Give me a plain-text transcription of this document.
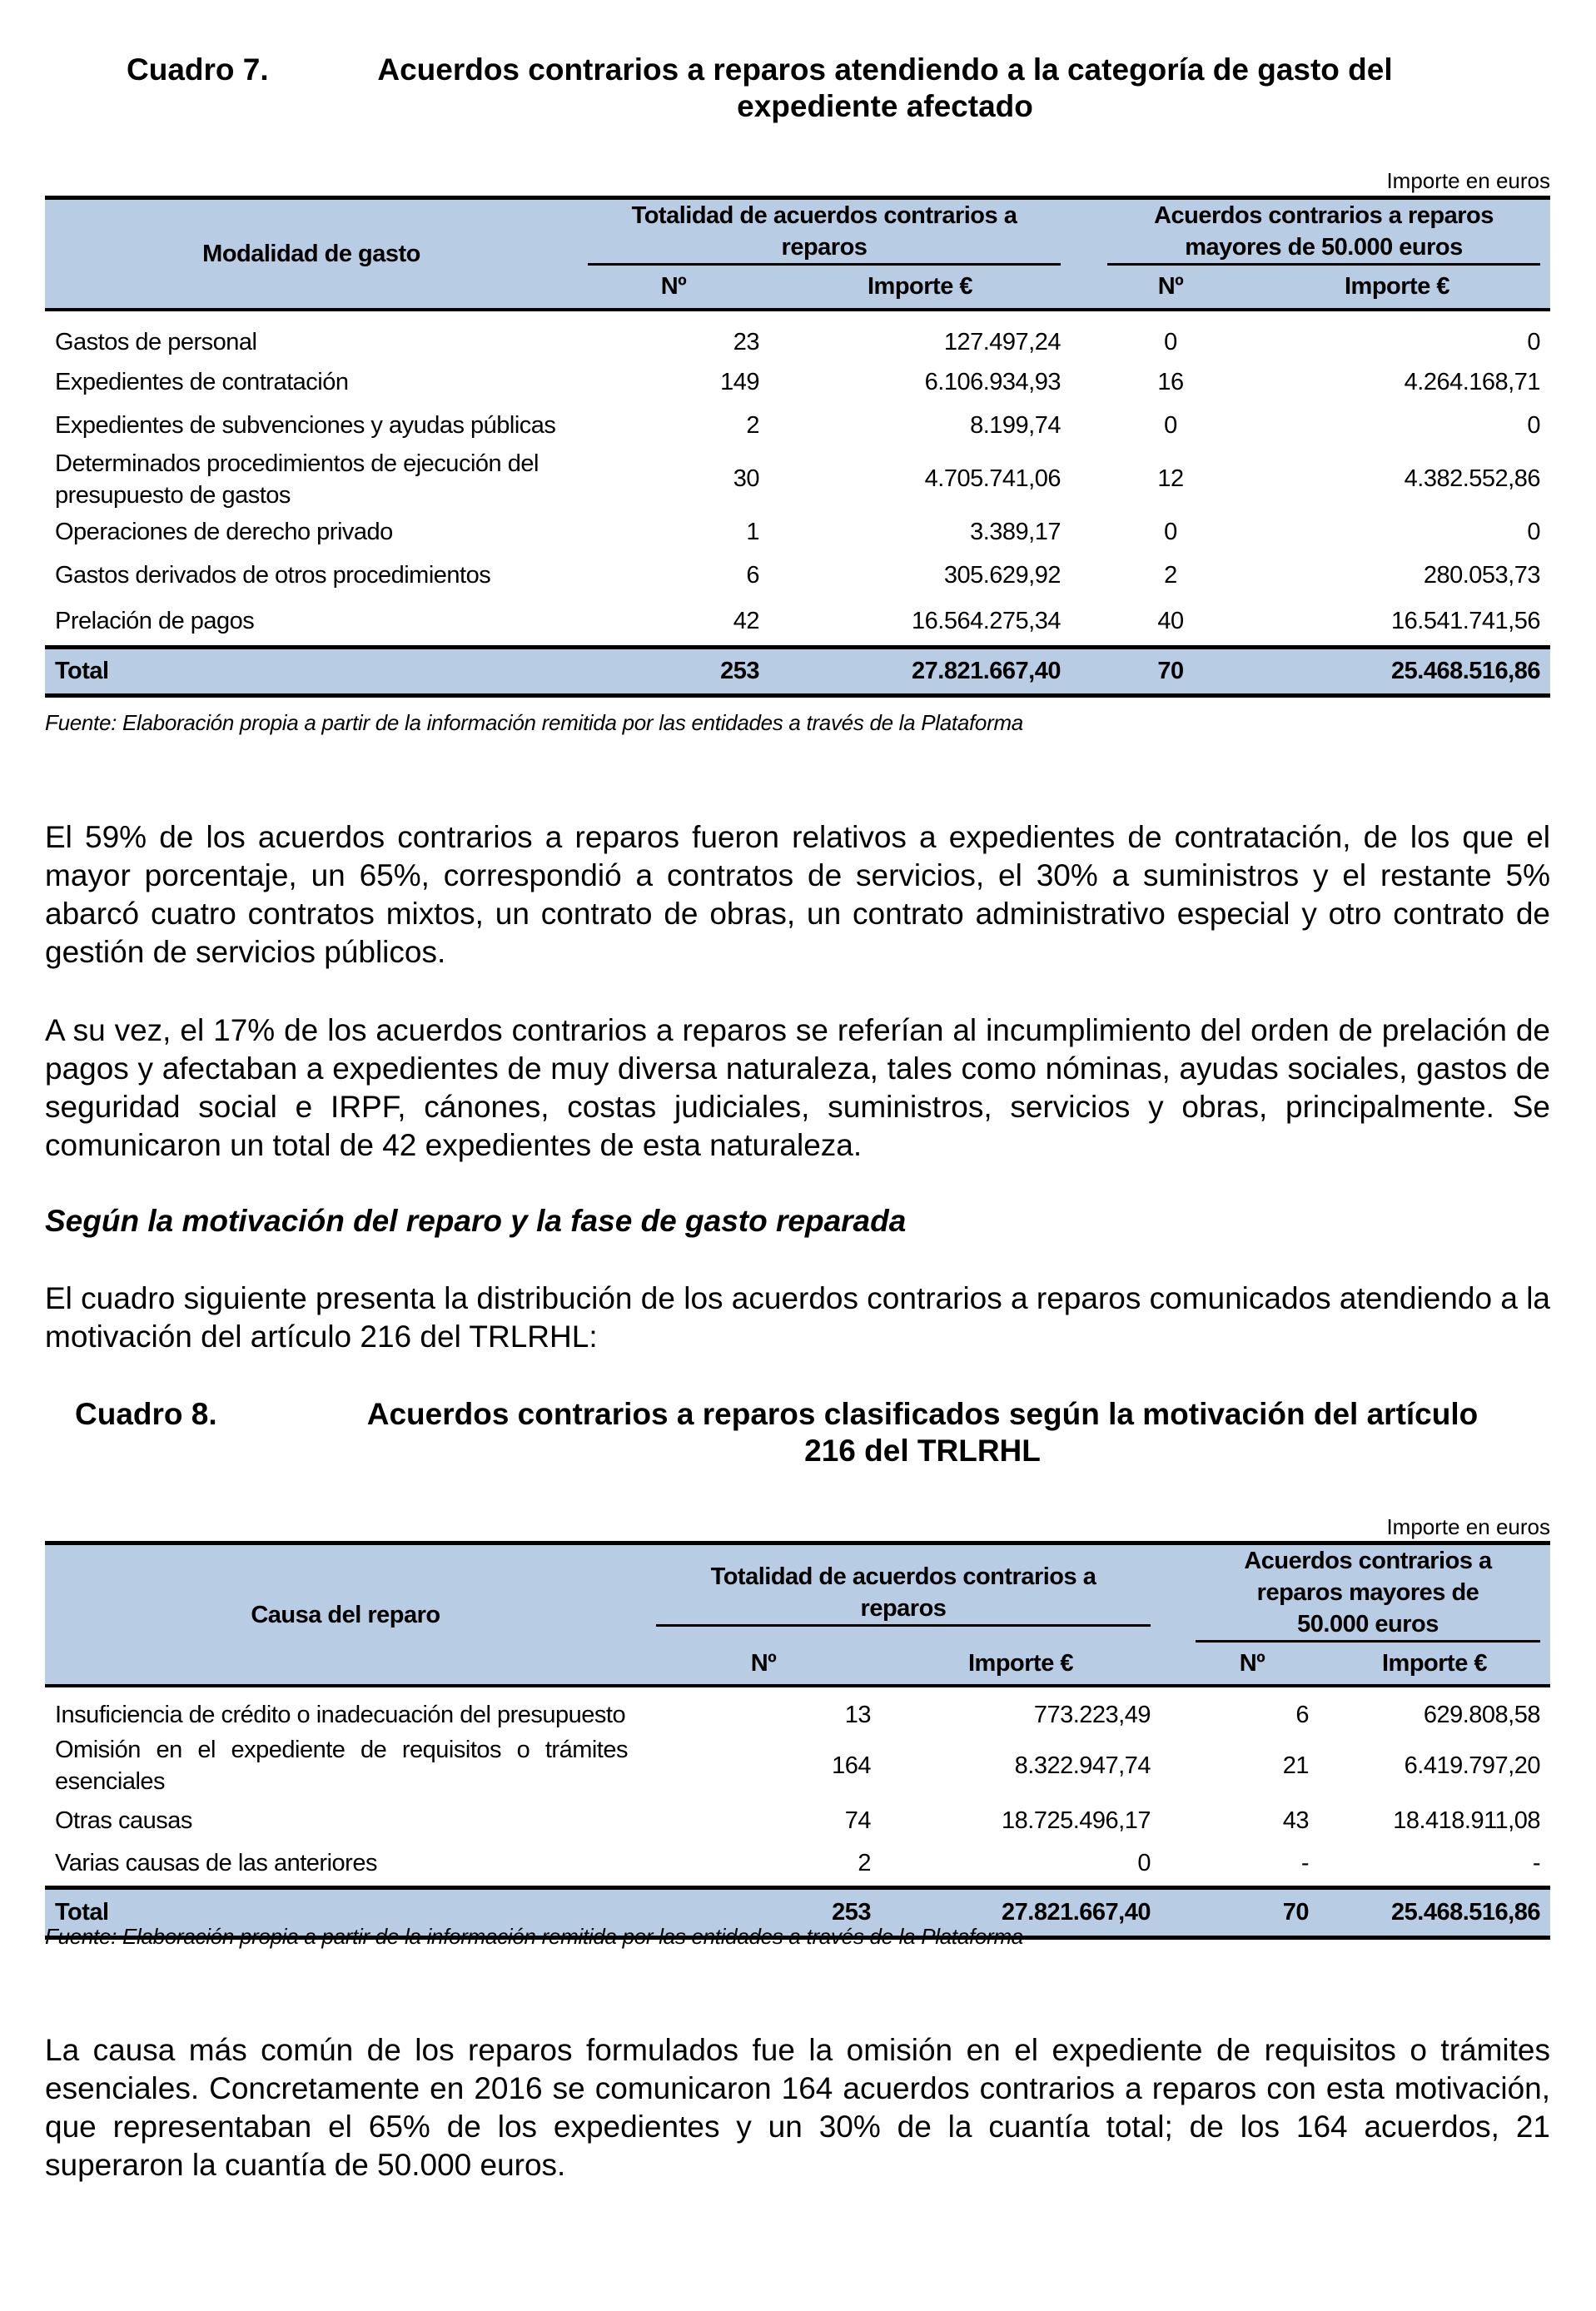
Cuadro 7.	Acuerdos contrarios a reparos atendiendo a la categoría de gasto del
expediente afectado
Importe en euros
Modalidad de gasto	Totalidad de acuerdos contrarios a reparos			Acuerdos contrarios a reparos mayores de 50.000 euros	

	Nº	Importe €		Nº	Importe €
Gastos de personal	23	127.497,24		0	0
Expedientes de contratación	149	6.106.934,93		16	4.264.168,71
Expedientes de subvenciones y ayudas públicas	2	8.199,74		0	0
Determinados procedimientos de ejecución del presupuesto de gastos	30	4.705.741,06		12	4.382.552,86
Operaciones de derecho privado	1	3.389,17		0	0
Gastos derivados de otros procedimientos	6	305.629,92		2	280.053,73
Prelación de pagos	42	16.564.275,34		40	16.541.741,56
Total	253	27.821.667,40		70	25.468.516,86
Fuente: Elaboración propia a partir de la información remitida por las entidades a través de la Plataforma
El 59% de los acuerdos contrarios a reparos fueron relativos a expedientes de contratación, de los que el mayor porcentaje, un 65%, correspondió a contratos de servicios, el 30% a suministros y el restante 5% abarcó cuatro contratos mixtos, un contrato de obras, un contrato administrativo especial y otro contrato de gestión de servicios públicos.
A su vez, el 17% de los acuerdos contrarios a reparos se referían al incumplimiento del orden de prelación de pagos y afectaban a expedientes de muy diversa naturaleza, tales como nóminas, ayudas sociales, gastos de seguridad social e IRPF, cánones, costas judiciales, suministros, servicios y obras, principalmente. Se comunicaron un total de 42 expedientes de esta naturaleza.
Según la motivación del reparo y la fase de gasto reparada
El cuadro siguiente presenta la distribución de los acuerdos contrarios a reparos comunicados atendiendo a la motivación del artículo 216 del TRLRHL:
Cuadro 8.	Acuerdos contrarios a reparos clasificados según la motivación del artículo
216 del TRLRHL
Importe en euros
Causa del reparo	Totalidad de acuerdos contrarios a reparos			Acuerdos contrarios a reparos mayores de 50.000 euros	

	Nº	Importe €		Nº	Importe €
Insuficiencia de crédito o inadecuación del presupuesto	13	773.223,49		6	629.808,58
Omisión en el expediente de requisitos o trámites esenciales	164	8.322.947,74		21	6.419.797,20
Otras causas	74	18.725.496,17		43	18.418.911,08
Varias causas de las anteriores	2	0		-	-
Total	253	27.821.667,40		70	25.468.516,86
Fuente: Elaboración propia a partir de la información remitida por las entidades a través de la Plataforma
La causa más común de los reparos formulados fue la omisión en el expediente de requisitos o trámites esenciales. Concretamente en 2016 se comunicaron 164 acuerdos contrarios a reparos con esta motivación, que representaban el 65% de los expedientes y un 30% de la cuantía total; de los 164 acuerdos, 21 superaron la cuantía de 50.000 euros.
